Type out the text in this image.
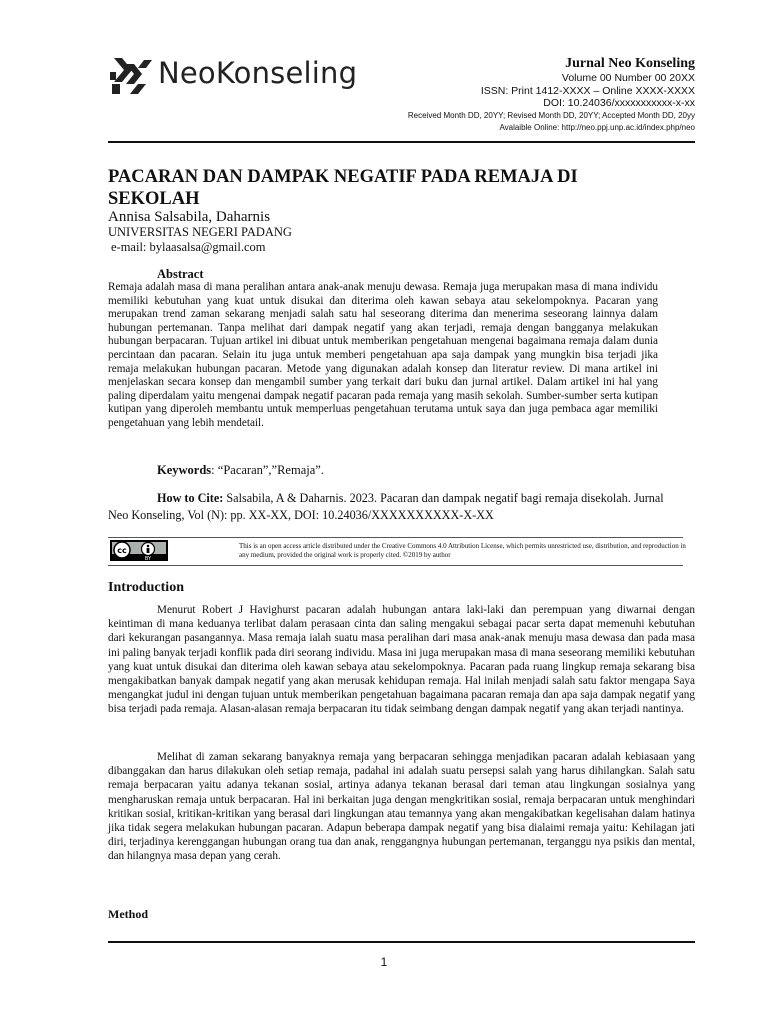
NeoKonseling	Jurnal Neo Konseling
Volume 00 Number 00 20XX
ISSN: Print 1412-XXXX – Online XXXX-XXXX
DOI: 10.24036/xxxxxxxxxxx-x-xx
Received Month DD, 20YY; Revised Month DD, 20YY; Accepted Month DD, 20yy
Avalaible Online: http://neo.ppj.unp.ac.id/index.php/neo
PACARAN DAN DAMPAK NEGATIF PADA REMAJA DI SEKOLAH
Annisa Salsabila, Daharnis
UNIVERSITAS NEGERI PADANG
e-mail: bylaasalsa@gmail.com
Abstract
Remaja adalah masa di mana peralihan antara anak-anak menuju dewasa. Remaja juga merupakan masa di mana individu memiliki kebutuhan yang kuat untuk disukai dan diterima oleh kawan sebaya atau sekelompoknya. Pacaran yang merupakan trend zaman sekarang menjadi salah satu hal seseorang diterima dan menerima seseorang lainnya dalam hubungan pertemanan. Tanpa melihat dari dampak negatif yang akan terjadi, remaja dengan bangganya melakukan hubungan berpacaran. Tujuan artikel ini dibuat untuk memberikan pengetahuan mengenai bagaimana remaja dalam dunia percintaan dan pacaran. Selain itu juga untuk memberi pengetahuan apa saja dampak yang mungkin bisa terjadi jika remaja melakukan hubungan pacaran. Metode yang digunakan adalah konsep dan literatur review. Di mana artikel ini menjelaskan secara konsep dan mengambil sumber yang terkait dari buku dan jurnal artikel. Dalam artikel ini hal yang paling diperdalam yaitu mengenai dampak negatif pacaran pada remaja yang masih sekolah. Sumber-sumber serta kutipan kutipan yang diperoleh membantu untuk memperluas pengetahuan terutama untuk saya dan juga pembaca agar memiliki pengetahuan yang lebih mendetail.
Keywords: “Pacaran”,”Remaja”.
How to Cite: Salsabila, A & Daharnis. 2023. Pacaran dan dampak negatif bagi remaja disekolah. Jurnal
Neo Konseling, Vol (N): pp. XX-XX, DOI: 10.24036/XXXXXXXXXX-X-XX
cc
BY
This is an open access article distributed under the Creative Commons 4.0 Attribution License, which permits unrestricted use, distribution, and reproduction in any medium, provided the original work is properly cited. ©2019 by author
Introduction
Menurut Robert J Havighurst pacaran adalah hubungan antara laki-laki dan perempuan yang diwarnai dengan keintiman di mana keduanya terlibat dalam perasaan cinta dan saling mengakui sebagai pacar serta dapat memenuhi kebutuhan dari kekurangan pasangannya. Masa remaja ialah suatu masa peralihan dari masa anak-anak menuju masa dewasa dan pada masa ini paling banyak terjadi konflik pada diri seorang individu. Masa ini juga merupakan masa di mana seseorang memiliki kebutuhan yang kuat untuk disukai dan diterima oleh kawan sebaya atau sekelompoknya. Pacaran pada ruang lingkup remaja sekarang bisa mengakibatkan banyak dampak negatif yang akan merusak kehidupan remaja. Hal inilah menjadi salah satu faktor mengapa Saya mengangkat judul ini dengan tujuan untuk memberikan pengetahuan bagaimana pacaran remaja dan apa saja dampak negatif yang bisa terjadi pada remaja. Alasan-alasan remaja berpacaran itu tidak seimbang dengan dampak negatif yang akan terjadi nantinya.
Melihat di zaman sekarang banyaknya remaja yang berpacaran sehingga menjadikan pacaran adalah kebiasaan yang dibanggakan dan harus dilakukan oleh setiap remaja, padahal ini adalah suatu persepsi salah yang harus dihilangkan. Salah satu remaja berpacaran yaitu adanya tekanan sosial, artinya adanya tekanan berasal dari teman atau lingkungan sosialnya yang mengharuskan remaja untuk berpacaran. Hal ini berkaitan juga dengan mengkritikan sosial, remaja berpacaran untuk menghindari kritikan sosial, kritikan-kritikan yang berasal dari lingkungan atau temannya yang akan mengakibatkan kegelisahan dalam hatinya jika tidak segera melakukan hubungan pacaran. Adapun beberapa dampak negatif yang bisa dialaimi remaja yaitu: Kehilagan jati diri, terjadinya kerenggangan hubungan orang tua dan anak, renggangnya hubungan pertemanan, terganggu nya psikis dan mental, dan hilangnya masa depan yang cerah.
Method
1
